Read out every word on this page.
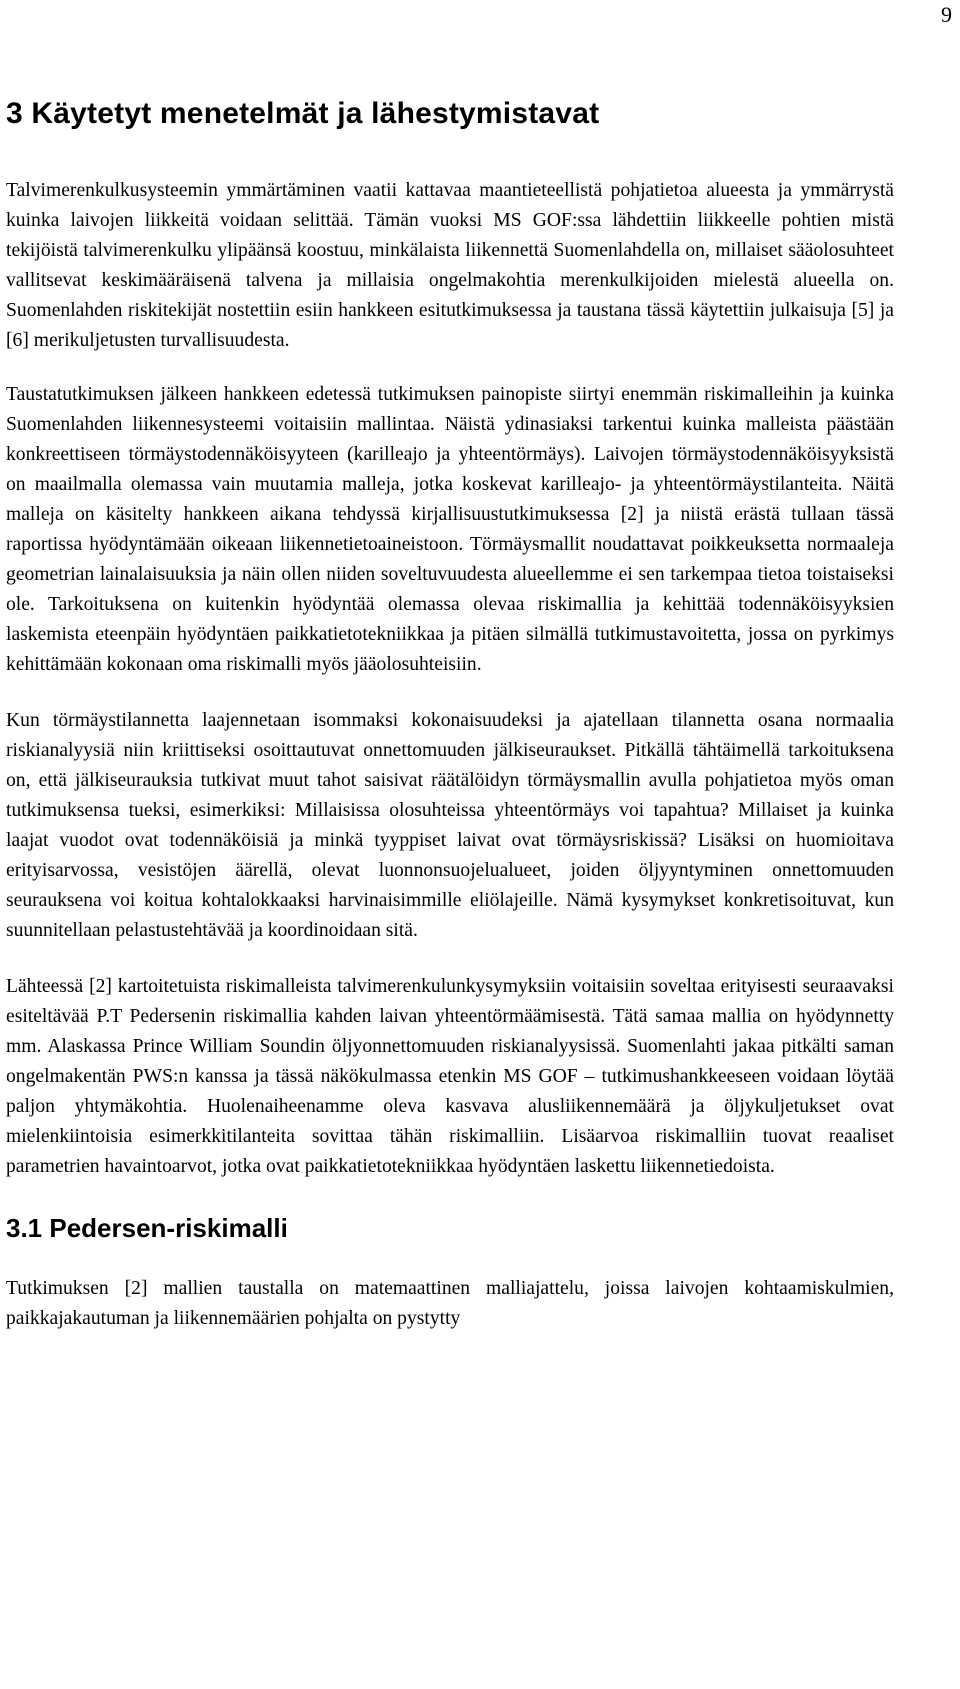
9
3 Käytetyt menetelmät ja lähestymistavat

Talvimerenkulkusysteemin ymmärtäminen vaatii kattavaa maantieteellistä pohjatietoa alueesta ja ymmärrystä kuinka laivojen liikkeitä voidaan selittää. Tämän vuoksi MS GOF:ssa lähdettiin liikkeelle pohtien mistä tekijöistä talvimerenkulku ylipäänsä koostuu, minkälaista liikennettä Suomenlahdella on, millaiset sääolosuhteet vallitsevat keskimääräisenä talvena ja millaisia ongelmakohtia merenkulkijoiden mielestä alueella on. Suomenlahden riskitekijät nostettiin esiin hankkeen esitutkimuksessa ja taustana tässä käytettiin julkaisuja [5] ja [6] merikuljetusten turvallisuudesta.

Taustatutkimuksen jälkeen hankkeen edetessä tutkimuksen painopiste siirtyi enemmän riskimalleihin ja kuinka Suomenlahden liikennesysteemi voitaisiin mallintaa. Näistä ydinasiaksi tarkentui kuinka malleista päästään konkreettiseen törmäystodennäköisyyteen (karilleajo ja yhteentörmäys). Laivojen törmäystodennäköisyyksistä on maailmalla olemassa vain muutamia malleja, jotka koskevat karilleajo- ja yhteentörmäystilanteita. Näitä malleja on käsitelty hankkeen aikana tehdyssä kirjallisuustutkimuksessa [2] ja niistä erästä tullaan tässä raportissa hyödyntämään oikeaan liikennetietoaineistoon. Törmäysmallit noudattavat poikkeuksetta normaaleja geometrian lainalaisuuksia ja näin ollen niiden soveltuvuudesta alueellemme ei sen tarkempaa tietoa toistaiseksi ole. Tarkoituksena on kuitenkin hyödyntää olemassa olevaa riskimallia ja kehittää todennäköisyyksien laskemista eteenpäin hyödyntäen paikkatietotekniikkaa ja pitäen silmällä tutkimustavoitetta, jossa on pyrkimys kehittämään kokonaan oma riskimalli myös jääolosuhteisiin.

Kun törmäystilannetta laajennetaan isommaksi kokonaisuudeksi ja ajatellaan tilannetta osana normaalia riskianalyysiä niin kriittiseksi osoittautuvat onnettomuuden jälkiseuraukset. Pitkällä tähtäimellä tarkoituksena on, että jälkiseurauksia tutkivat muut tahot saisivat räätälöidyn törmäysmallin avulla pohjatietoa myös oman tutkimuksensa tueksi, esimerkiksi: Millaisissa olosuhteissa yhteentörmäys voi tapahtua? Millaiset ja kuinka laajat vuodot ovat todennäköisiä ja minkä tyyppiset laivat ovat törmäysriskissä? Lisäksi on huomioitava erityisarvossa, vesistöjen äärellä, olevat luonnonsuojelualueet, joiden öljyyntyminen onnettomuuden seurauksena voi koitua kohtalokkaaksi harvinaisimmille eliölajeille. Nämä kysymykset konkretisoituvat, kun suunnitellaan pelastustehtävää ja koordinoidaan sitä.

Lähteessä [2] kartoitetuista riskimalleista talvimerenkulunkysymyksiin voitaisiin soveltaa erityisesti seuraavaksi esiteltävää P.T Pedersenin riskimallia kahden laivan yhteentörmäämisestä. Tätä samaa mallia on hyödynnetty mm. Alaskassa Prince William Soundin öljyonnettomuuden riskianalyysissä. Suomenlahti jakaa pitkälti saman ongelmakentän PWS:n kanssa ja tässä näkökulmassa etenkin MS GOF – tutkimushankkeeseen voidaan löytää paljon yhtymäkohtia. Huolenaiheenamme oleva kasvava alusliikennemäärä ja öljykuljetukset ovat mielenkiintoisia esimerkkitilanteita sovittaa tähän riskimalliin. Lisäarvoa riskimalliin tuovat reaaliset parametrien havaintoarvot, jotka ovat paikkatietotekniikkaa hyödyntäen laskettu liikennetiedoista.

3.1 Pedersen-riskimalli

Tutkimuksen [2] mallien taustalla on matemaattinen malliajattelu, joissa laivojen kohtaamiskulmien, paikkajakautuman ja liikennemäärien pohjalta on pystytty
